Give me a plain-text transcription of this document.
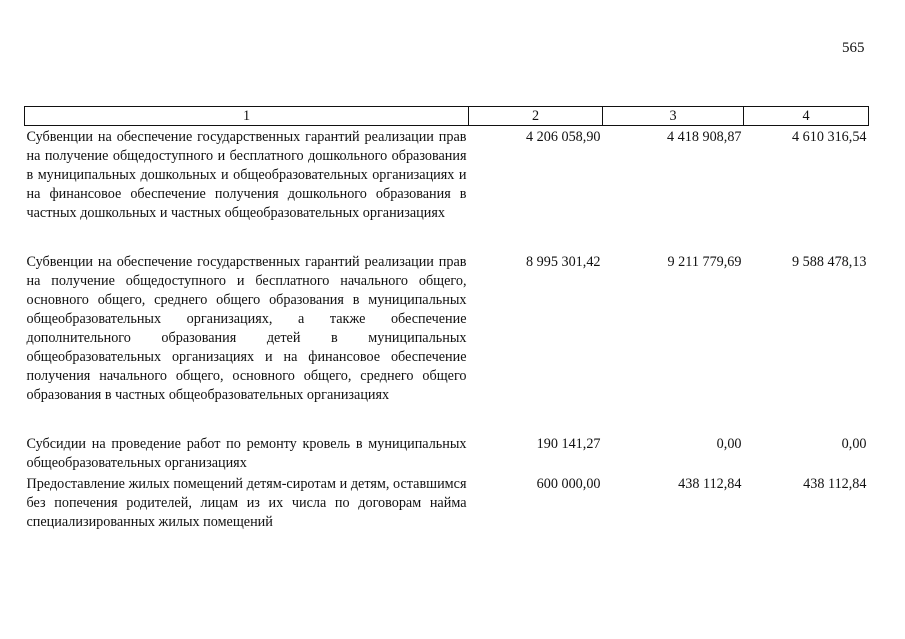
565
1	2	3	4
Субвенции на обеспечение государственных гарантий реализации прав на получение общедоступного и бесплатного дошкольного образования в муниципальных дошкольных и общеобразовательных организациях и на финансовое обеспечение получения дошкольного образования в частных дошкольных и частных общеобразовательных организациях	4 206 058,90	4 418 908,87	4 610 316,54
Субвенции на обеспечение государственных гарантий реализации прав на получение общедоступного и бесплатного начального общего, основного общего, среднего общего образования в муниципальных общеобразовательных организациях, а также обеспечение дополнительного образования детей в муниципальных общеобразовательных организациях и на финансовое обеспечение получения начального общего, основного общего, среднего общего образования в частных общеобразовательных организациях	8 995 301,42	9 211 779,69	9 588 478,13
Субсидии на проведение работ по ремонту кровель в муниципальных общеобразовательных организациях	190 141,27	0,00	0,00
Предоставление жилых помещений детям-сиротам и детям, оставшимся без попечения родителей, лицам из их числа по договорам найма специализированных жилых помещений	600 000,00	438 112,84	438 112,84
